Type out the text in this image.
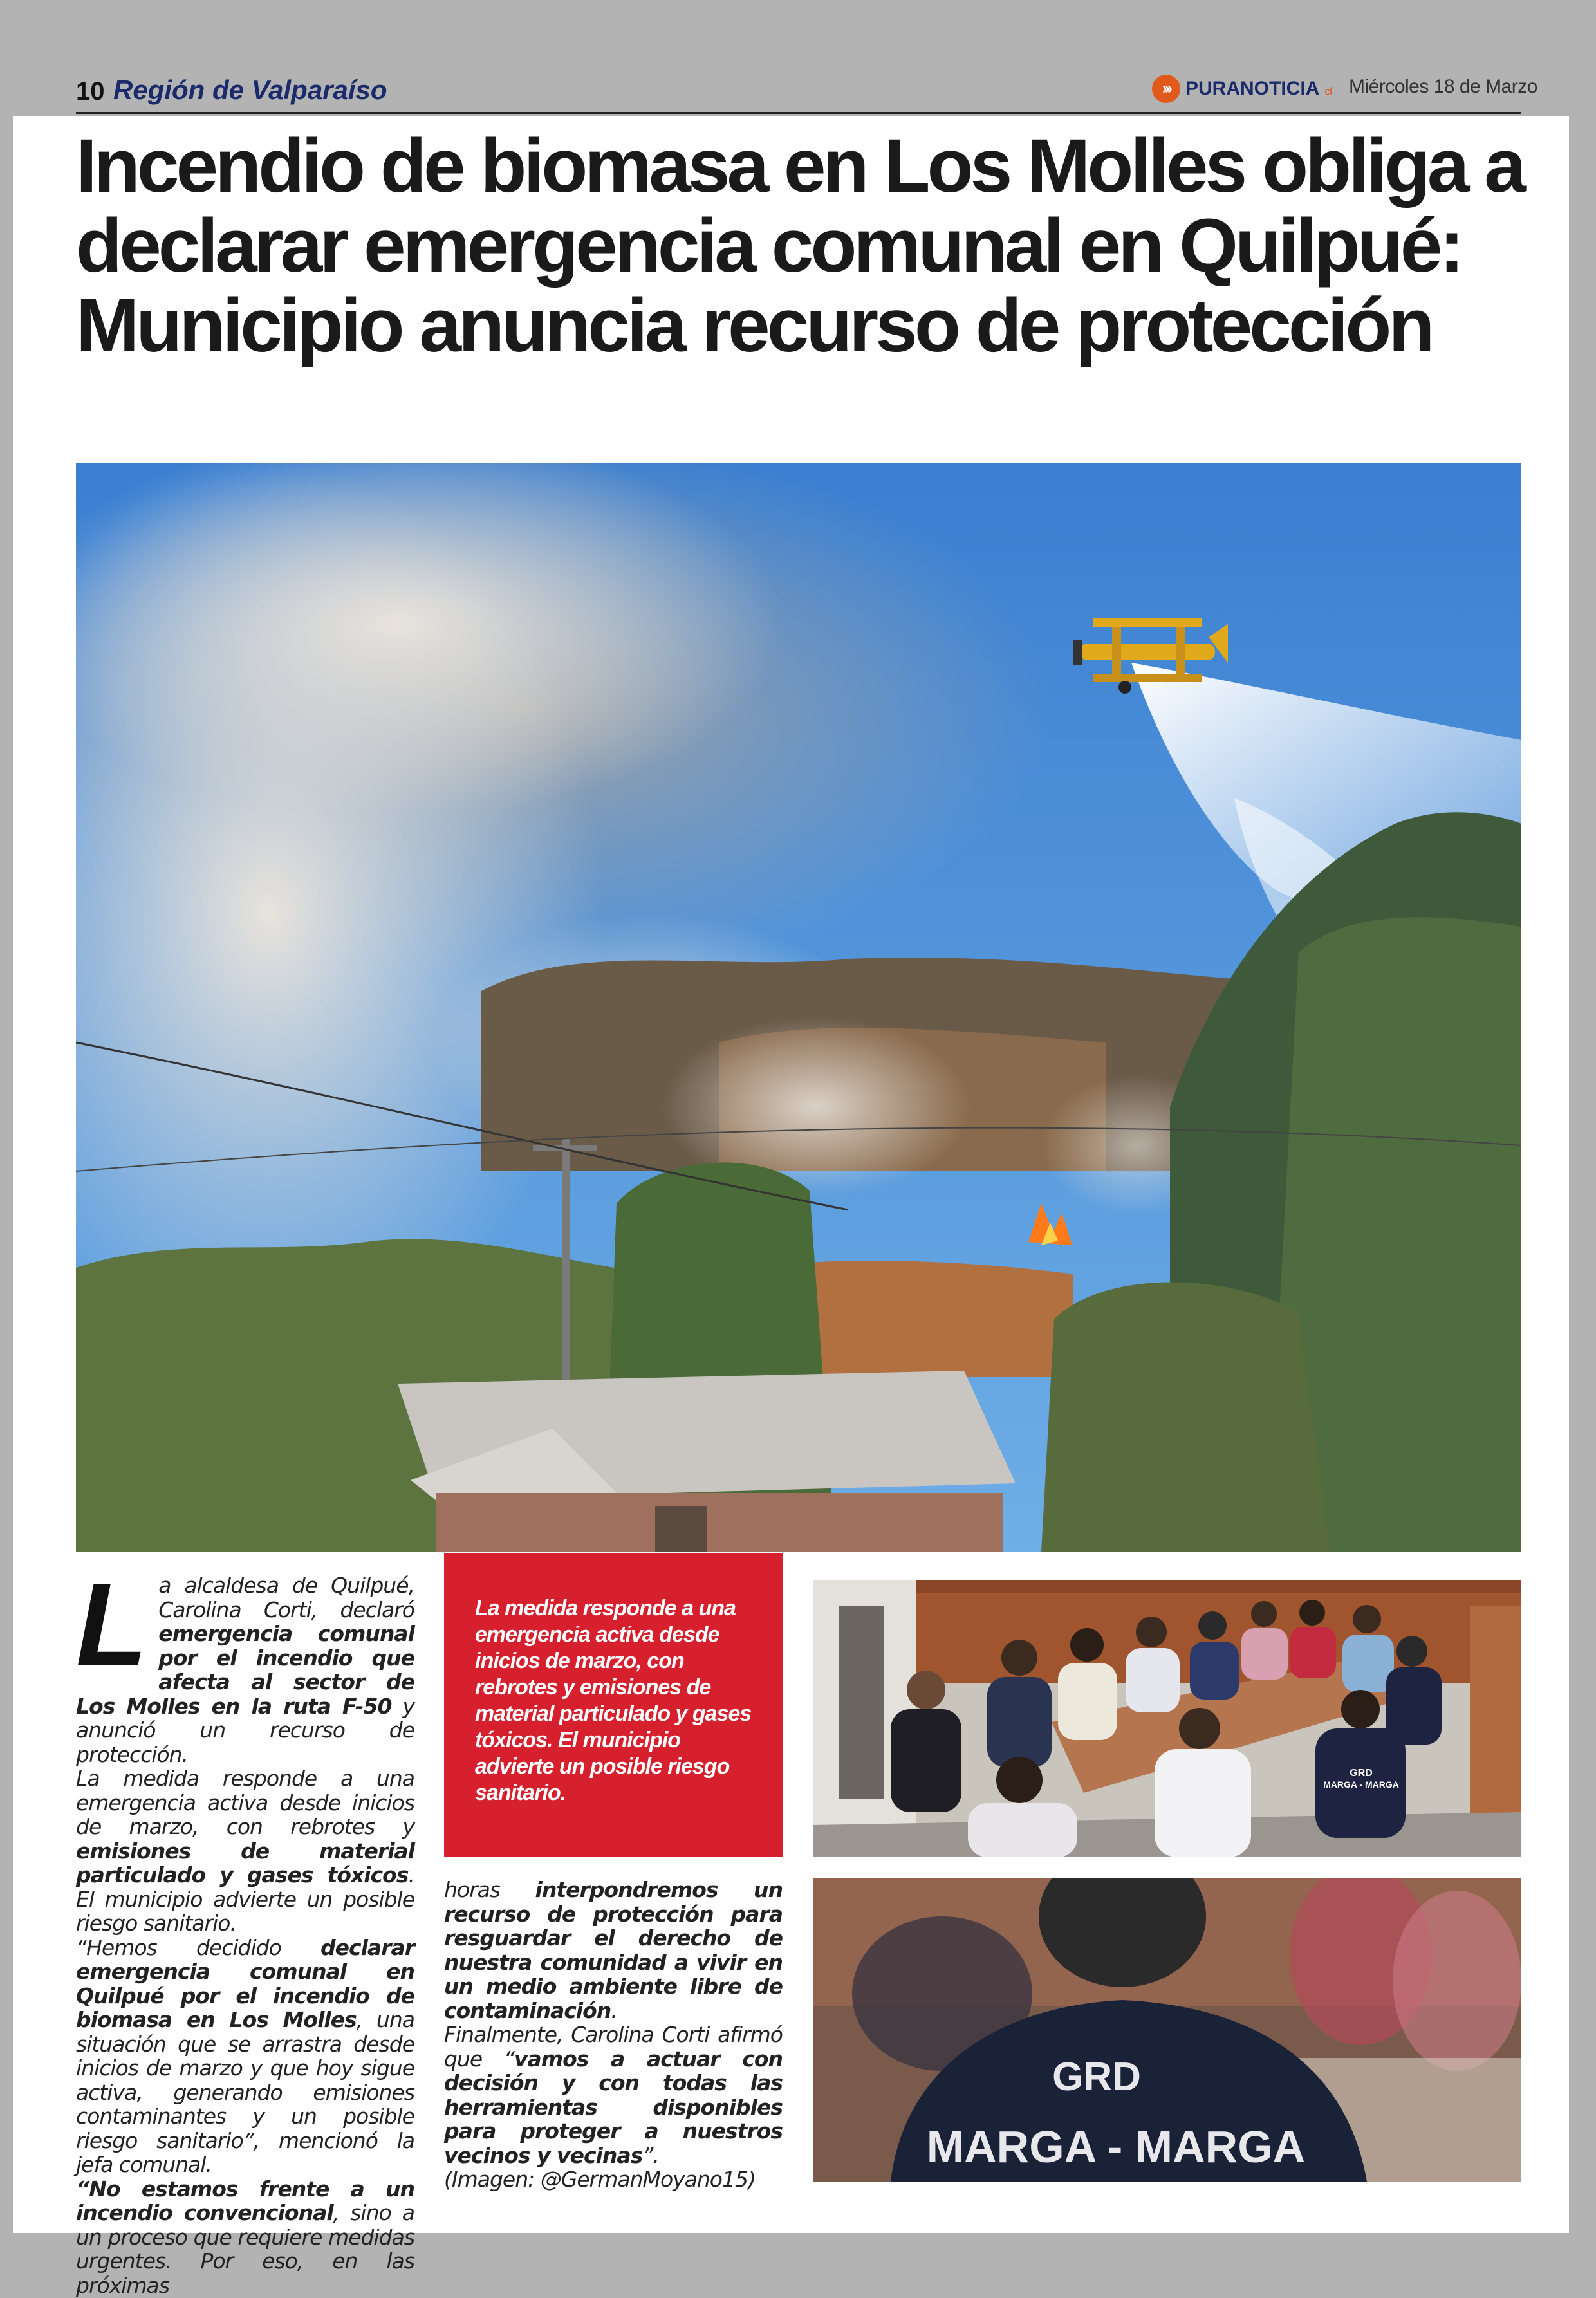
10 Región de Valparaíso	››› PURANOTICIA cl Miércoles 18 de Marzo
Incendio de biomasa en Los Molles obliga a declarar emergencia comunal en Quilpué: Municipio anuncia recurso de protección
L a alcaldesa de Quilpué, Carolina Corti, declaró emergencia comunal por el incendio que afecta al sector de Los Molles en la ruta F-50 y anunció un recurso de protección.

La medida responde a una emergencia activa desde inicios de marzo, con rebrotes y emisiones de material particulado y gases tóxicos. El municipio advierte un posible riesgo sanitario.

“Hemos decidido declarar emergencia comunal en Quilpué por el incendio de biomasa en Los Molles, una situación que se arrastra desde inicios de marzo y que hoy sigue activa, generando emisiones contaminantes y un posible riesgo sanitario”, mencionó la jefa comunal.

“No estamos frente a un incendio convencional, sino a un proceso que requiere medidas urgentes. Por eso, en las próximas

La medida responde a una emergencia activa desde inicios de marzo, con rebrotes y emisiones de material particulado y gases tóxicos. El municipio advierte un posible riesgo sanitario.

horas interpondremos un recurso de protección para resguardar el derecho de nuestra comunidad a vivir en un medio ambiente libre de contaminación.

Finalmente, Carolina Corti afirmó que “vamos a actuar con decisión y con todas las herramientas disponibles para proteger a nuestros vecinos y vecinas”.

(Imagen: @GermanMoyano15)

GRD
MARGA - MARGA
GRD
MARGA - MARGA
